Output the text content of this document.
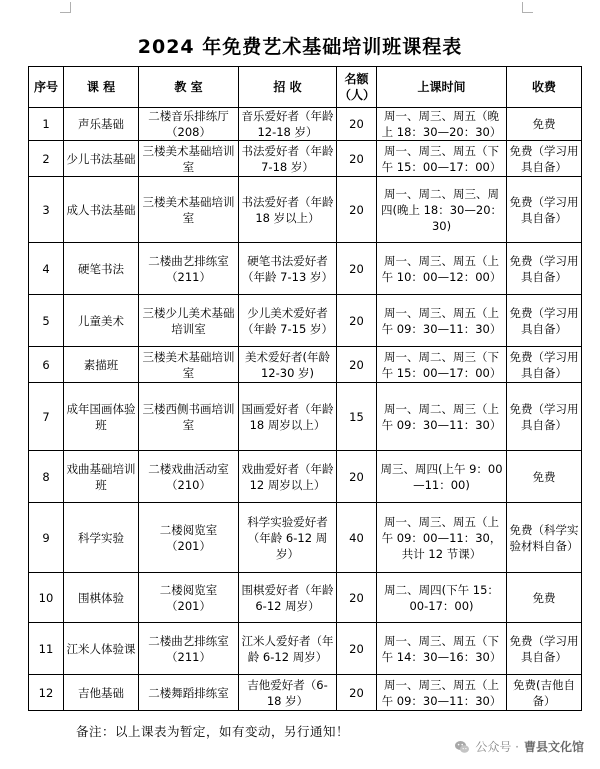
2024 年免费艺术基础培训班课程表
序号	课 程	教 室	招 收	名额（人）	上课时间	收费
1	声乐基础	二楼音乐排练厅（208）	音乐爱好者（年龄 12-18 岁）	20	周一、周三、周五（晚上 18：30—20：30）	免费
2	少儿书法基础	三楼美术基础培训室	书法爱好者（年龄 7-18 岁）	20	周一、周三、周五（下午 15：00—17：00）	免费（学习用具自备）
3	成人书法基础	三楼美术基础培训室	书法爱好者（年龄 18 岁以上）	20	周一、周二、周三、周四(晚上 18：30—20：30)	免费（学习用具自备）
4	硬笔书法	二楼曲艺排练室（211）	硬笔书法爱好者（年龄 7-13 岁）	20	周一、周三、周五（上午 10：00—12：00）	免费（学习用具自备）
5	儿童美术	三楼少儿美术基础培训室	少儿美术爱好者（年龄 7-15 岁）	20	周一、周三、周五（上午 09：30—11：30）	免费（学习用具自备）
6	素描班	三楼美术基础培训室	美术爱好者(年龄 12-30 岁)	20	周一、周二、周三（下午 15：00—17：00）	免费（学习用具自备）
7	成年国画体验班	三楼西侧书画培训室	国画爱好者（年龄 18 周岁以上）	15	周一、周二、周三（上午 09：30—11：30）	免费（学习用具自备）
8	戏曲基础培训班	二楼戏曲活动室（210）	戏曲爱好者（年龄 12 周岁以上）	20	周三、周四(上午 9：00—11：00)	免费
9	科学实验	二楼阅览室（201）	科学实验爱好者（年龄 6-12 周岁）	40	周一、周三、周五（上午 09：00—11：30，共计 12 节课）	免费（科学实验材料自备）
10	围棋体验	二楼阅览室（201）	围棋爱好者（年龄 6-12 周岁）	20	周二、周四(下午 15：00-17：00)	免费
11	江米人体验课	二楼曲艺排练室（211）	江米人爱好者（年龄 6-12 周岁）	20	周一、周三、周五（下午 14：30—16：30）	免费（学习用具自备）
12	吉他基础	二楼舞蹈排练室	吉他爱好者（6-18 岁）	20	周一、周三、周五（上午 09：30—11：30）	免费(吉他自备）
备注：以上课表为暂定，如有变动，另行通知！
公众号 · 曹县文化馆
